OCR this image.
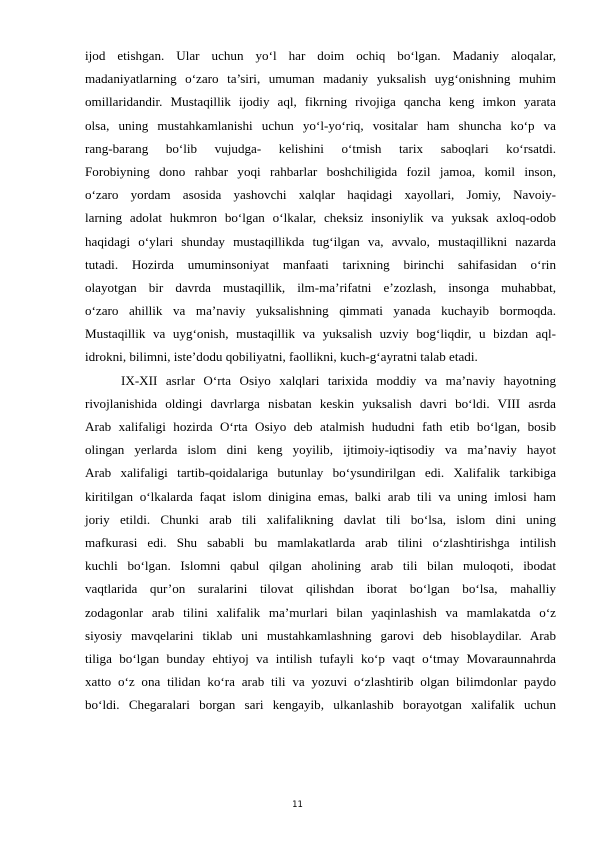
ijod etishgan. Ular uchun yo‘l har doim ochiq bo‘lgan. Madaniy aloqalar,
madaniyatlarning o‘zaro ta’siri, umuman madaniy yuksalish uyg‘onishning muhim
omillaridandir. Mustaqillik ijodiy aql, fikrning rivojiga qancha keng imkon yarata
olsa, uning mustahkamlanishi uchun yo‘l-yo‘riq, vositalar ham shuncha ko‘p va
rang-barang bo‘lib vujudga- kelishini o‘tmish tarix saboqlari ko‘rsatdi.
Forobiyning dono rahbar yoqi rahbarlar boshchiligida fozil jamoa, komil inson,
o‘zaro yordam asosida yashovchi xalqlar haqidagi xayollari, Jomiy, Navoiy-
larning adolat hukmron bo‘lgan o‘lkalar, cheksiz insoniylik va yuksak axloq-odob
haqidagi o‘ylari shunday mustaqillikda tug‘ilgan va, avvalo, mustaqillikni nazarda
tutadi. Hozirda umuminsoniyat manfaati tarixning birinchi sahifasidan o‘rin
olayotgan bir davrda mustaqillik, ilm-ma’rifatni e’zozlash, insonga muhabbat,
o‘zaro ahillik va ma’naviy yuksalishning qimmati yanada kuchayib bormoqda.
Mustaqillik va uyg‘onish, mustaqillik va yuksalish uzviy bog‘liqdir, u bizdan aql-
idrokni, bilimni, iste’dodu qobiliyatni, faollikni, kuch-g‘ayratni talab etadi.
IX-XII asrlar O‘rta Osiyo xalqlari tarixida moddiy va ma’naviy hayotning
rivojlanishida oldingi davrlarga nisbatan keskin yuksalish davri bo‘ldi. VIII asrda
Arab xalifaligi hozirda O‘rta Osiyo deb atalmish hududni fath etib bo‘lgan, bosib
olingan yerlarda islom dini keng yoyilib, ijtimoiy-iqtisodiy va ma’naviy hayot
Arab xalifaligi tartib-qoidalariga butunlay bo‘ysundirilgan edi. Xalifalik tarkibiga
kiritilgan o‘lkalarda faqat islom diniginа emas, balki arab tili va uning imlosi ham
joriy etildi. Chunki arab tili xalifalikning davlat tili bo‘lsa, islom dini uning
mafkurasi edi. Shu sababli bu mamlakatlarda arab tilini o‘zlashtirishga intilish
kuchli bo‘lgan. Islomni qabul qilgan aholining arab tili bilan muloqoti, ibodat
vaqtlarida qur’on suralarini tilovat qilishdan iborat bo‘lgan bo‘lsa, mahalliy
zodagonlar arab tilini xalifalik ma’murlari bilan yaqinlashish va mamlakatda o‘z
siyosiy mavqelarini tiklab uni mustahkamlashning garovi deb hisoblaydilar. Arab
tiliga bo‘lgan bunday ehtiyoj va intilish tufayli ko‘p vaqt o‘tmay Movaraunnahrda
xatto o‘z ona tilidan ko‘ra arab tili va yozuvi o‘zlashtirib olgan bilimdonlar paydo
bo‘ldi. Chegaralari borgan sari kengayib, ulkanlashib borayotgan xalifalik uchun
11
